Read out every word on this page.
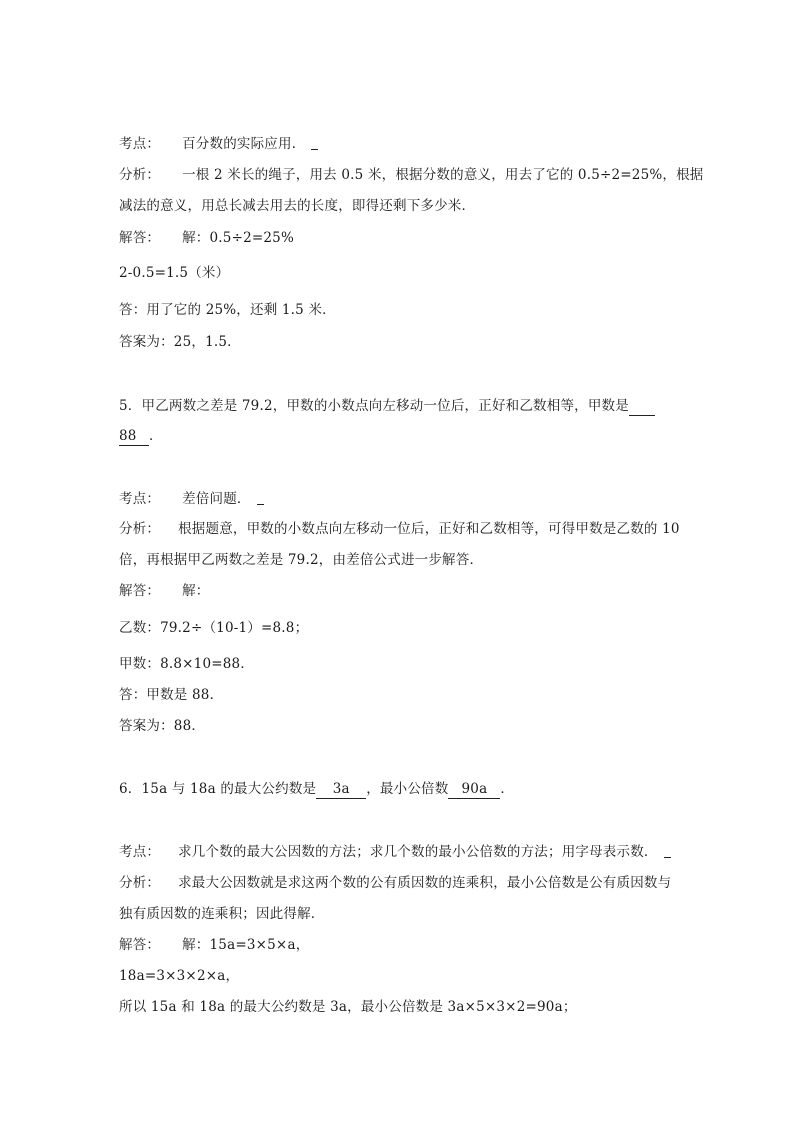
考点： 百分数的实际应用．
分析： 一根 2 米长的绳子，用去 0.5 米，根据分数的意义，用去了它的 0.5÷2=25%，根据
减法的意义，用总长减去用去的长度，即得还剩下多少米．
解答： 解：0.5÷2=25%
2-0.5=1.5（米）
答：用了它的 25%，还剩 1.5 米．
答案为：25，1.5．
5．甲乙两数之差是 79.2，甲数的小数点向左移动一位后，正好和乙数相等，甲数是
88 ．
考点： 差倍问题．
分析： 根据题意，甲数的小数点向左移动一位后，正好和乙数相等，可得甲数是乙数的 10
倍，再根据甲乙两数之差是 79.2，由差倍公式进一步解答．
解答： 解：
乙数：79.2÷（10-1）=8.8；
甲数：8.8×10=88．
答：甲数是 88．
答案为：88．
6．15a 与 18a 的最大公约数是 3a ，最小公倍数 90a ．
考点： 求几个数的最大公因数的方法；求几个数的最小公倍数的方法；用字母表示数．
分析： 求最大公因数就是求这两个数的公有质因数的连乘积，最小公倍数是公有质因数与
独有质因数的连乘积；因此得解．
解答： 解：15a=3×5×a，
18a=3×3×2×a，
所以 15a 和 18a 的最大公约数是 3a，最小公倍数是 3a×5×3×2=90a；
